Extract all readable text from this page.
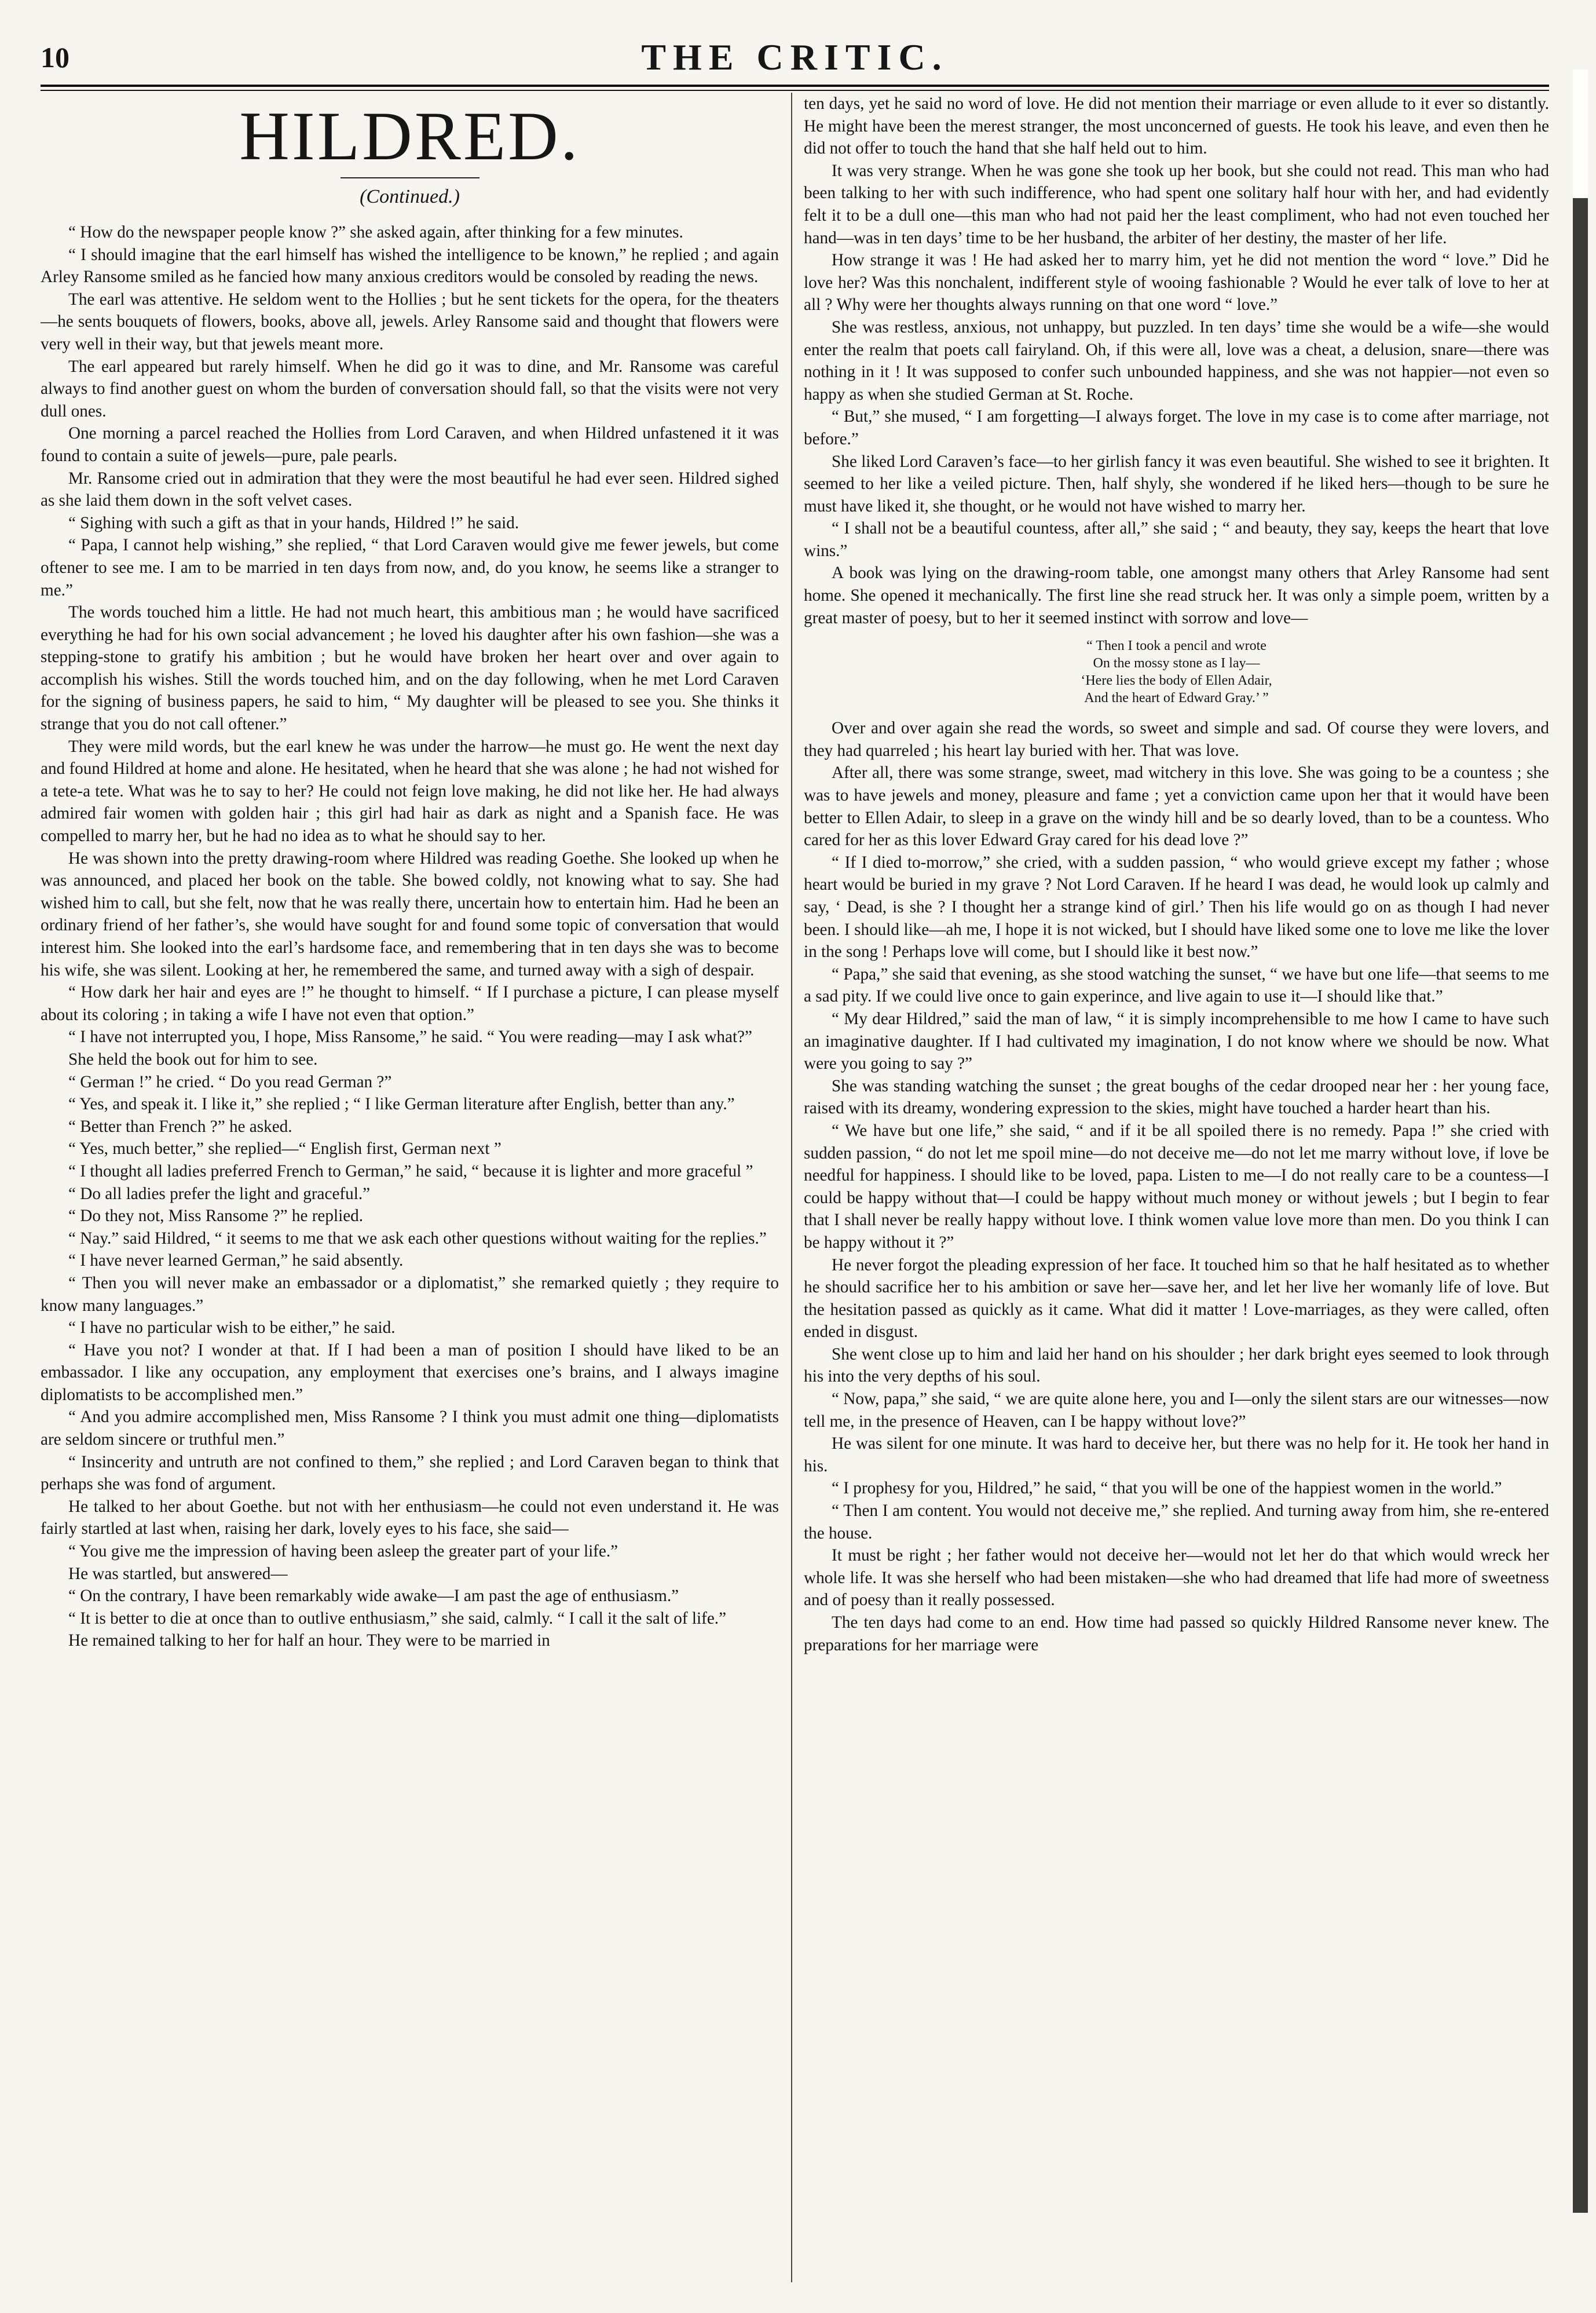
10	THE CRITIC.
HILDRED.
(Continued.)

“ How do the newspaper people know ?” she asked again, after thinking for a few minutes.

“ I should imagine that the earl himself has wished the intelligence to be known,” he replied ; and again Arley Ransome smiled as he fancied how many anxious creditors would be consoled by reading the news.

The earl was attentive. He seldom went to the Hollies ; but he sent tickets for the opera, for the theaters—he sents bouquets of flowers, books, above all, jewels. Arley Ransome said and thought that flowers were very well in their way, but that jewels meant more.

The earl appeared but rarely himself. When he did go it was to dine, and Mr. Ransome was careful always to find another guest on whom the burden of conversation should fall, so that the visits were not very dull ones.

One morning a parcel reached the Hollies from Lord Caraven, and when Hildred unfastened it it was found to contain a suite of jewels—pure, pale pearls.

Mr. Ransome cried out in admiration that they were the most beautiful he had ever seen. Hildred sighed as she laid them down in the soft velvet cases.

“ Sighing with such a gift as that in your hands, Hildred !” he said.

“ Papa, I cannot help wishing,” she replied, “ that Lord Caraven would give me fewer jewels, but come oftener to see me. I am to be married in ten days from now, and, do you know, he seems like a stranger to me.”

The words touched him a little. He had not much heart, this ambitious man ; he would have sacrificed everything he had for his own social advancement ; he loved his daughter after his own fashion—she was a stepping-stone to gratify his ambition ; but he would have broken her heart over and over again to accomplish his wishes. Still the words touched him, and on the day following, when he met Lord Caraven for the signing of business papers, he said to him, “ My daughter will be pleased to see you. She thinks it strange that you do not call oftener.”

They were mild words, but the earl knew he was under the harrow—he must go. He went the next day and found Hildred at home and alone. He hesitated, when he heard that she was alone ; he had not wished for a tete-a tete. What was he to say to her? He could not feign love making, he did not like her. He had always admired fair women with golden hair ; this girl had hair as dark as night and a Spanish face. He was compelled to marry her, but he had no idea as to what he should say to her.

He was shown into the pretty drawing-room where Hildred was reading Goethe. She looked up when he was announced, and placed her book on the table. She bowed coldly, not knowing what to say. She had wished him to call, but she felt, now that he was really there, uncertain how to entertain him. Had he been an ordinary friend of her father’s, she would have sought for and found some topic of conversation that would interest him. She looked into the earl’s hardsome face, and remembering that in ten days she was to become his wife, she was silent. Looking at her, he remembered the same, and turned away with a sigh of despair.

“ How dark her hair and eyes are !” he thought to himself. “ If I purchase a picture, I can please myself about its coloring ; in taking a wife I have not even that option.”

“ I have not interrupted you, I hope, Miss Ransome,” he said. “ You were reading—may I ask what?”

She held the book out for him to see.

“ German !” he cried. “ Do you read German ?”

“ Yes, and speak it. I like it,” she replied ; “ I like German literature after English, better than any.”

“ Better than French ?” he asked.

“ Yes, much better,” she replied—“ English first, German next ”

“ I thought all ladies preferred French to German,” he said, “ because it is lighter and more graceful ”

“ Do all ladies prefer the light and graceful.”

“ Do they not, Miss Ransome ?” he replied.

“ Nay.” said Hildred, “ it seems to me that we ask each other questions without waiting for the replies.”

“ I have never learned German,” he said absently.

“ Then you will never make an embassador or a diplomatist,” she remarked quietly ; they require to know many languages.”

“ I have no particular wish to be either,” he said.

“ Have you not? I wonder at that. If I had been a man of position I should have liked to be an embassador. I like any occupation, any employment that exercises one’s brains, and I always imagine diplomatists to be accomplished men.”

“ And you admire accomplished men, Miss Ransome ? I think you must admit one thing—diplomatists are seldom sincere or truthful men.”

“ Insincerity and untruth are not confined to them,” she replied ; and Lord Caraven began to think that perhaps she was fond of argument.

He talked to her about Goethe. but not with her enthusiasm—he could not even understand it. He was fairly startled at last when, raising her dark, lovely eyes to his face, she said—

“ You give me the impression of having been asleep the greater part of your life.”

He was startled, but answered—

“ On the contrary, I have been remarkably wide awake—I am past the age of enthusiasm.”

“ It is better to die at once than to outlive enthusiasm,” she said, calmly. “ I call it the salt of life.”

He remained talking to her for half an hour. They were to be married in

ten days, yet he said no word of love. He did not mention their marriage or even allude to it ever so distantly. He might have been the merest stranger, the most unconcerned of guests. He took his leave, and even then he did not offer to touch the hand that she half held out to him.

It was very strange. When he was gone she took up her book, but she could not read. This man who had been talking to her with such indifference, who had spent one solitary half hour with her, and had evidently felt it to be a dull one—this man who had not paid her the least compliment, who had not even touched her hand—was in ten days’ time to be her husband, the arbiter of her destiny, the master of her life.

How strange it was ! He had asked her to marry him, yet he did not mention the word “ love.” Did he love her? Was this nonchalent, indifferent style of wooing fashionable ? Would he ever talk of love to her at all ? Why were her thoughts always running on that one word “ love.”

She was restless, anxious, not unhappy, but puzzled. In ten days’ time she would be a wife—she would enter the realm that poets call fairyland. Oh, if this were all, love was a cheat, a delusion, snare—there was nothing in it ! It was supposed to confer such unbounded happiness, and she was not happier—not even so happy as when she studied German at St. Roche.

“ But,” she mused, “ I am forgetting—I always forget. The love in my case is to come after marriage, not before.”

She liked Lord Caraven’s face—to her girlish fancy it was even beautiful. She wished to see it brighten. It seemed to her like a veiled picture. Then, half shyly, she wondered if he liked hers—though to be sure he must have liked it, she thought, or he would not have wished to marry her.

“ I shall not be a beautiful countess, after all,” she said ; “ and beauty, they say, keeps the heart that love wins.”

A book was lying on the drawing-room table, one amongst many others that Arley Ransome had sent home. She opened it mechanically. The first line she read struck her. It was only a simple poem, written by a great master of poesy, but to her it seemed instinct with sorrow and love—

“ Then I took a pencil and wrote
On the mossy stone as I lay—
‘Here lies the body of Ellen Adair,
And the heart of Edward Gray.’ ”

Over and over again she read the words, so sweet and simple and sad. Of course they were lovers, and they had quarreled ; his heart lay buried with her. That was love.

After all, there was some strange, sweet, mad witchery in this love. She was going to be a countess ; she was to have jewels and money, pleasure and fame ; yet a conviction came upon her that it would have been better to Ellen Adair, to sleep in a grave on the windy hill and be so dearly loved, than to be a countess. Who cared for her as this lover Edward Gray cared for his dead love ?”

“ If I died to-morrow,” she cried, with a sudden passion, “ who would grieve except my father ; whose heart would be buried in my grave ? Not Lord Caraven. If he heard I was dead, he would look up calmly and say, ‘ Dead, is she ? I thought her a strange kind of girl.’ Then his life would go on as though I had never been. I should like—ah me, I hope it is not wicked, but I should have liked some one to love me like the lover in the song ! Perhaps love will come, but I should like it best now.”

“ Papa,” she said that evening, as she stood watching the sunset, “ we have but one life—that seems to me a sad pity. If we could live once to gain experince, and live again to use it—I should like that.”

“ My dear Hildred,” said the man of law, “ it is simply incomprehensible to me how I came to have such an imaginative daughter. If I had cultivated my imagination, I do not know where we should be now. What were you going to say ?”

She was standing watching the sunset ; the great boughs of the cedar drooped near her : her young face, raised with its dreamy, wondering expression to the skies, might have touched a harder heart than his.

“ We have but one life,” she said, “ and if it be all spoiled there is no remedy. Papa !” she cried with sudden passion, “ do not let me spoil mine—do not deceive me—do not let me marry without love, if love be needful for happiness. I should like to be loved, papa. Listen to me—I do not really care to be a countess—I could be happy without that—I could be happy without much money or without jewels ; but I begin to fear that I shall never be really happy without love. I think women value love more than men. Do you think I can be happy without it ?”

He never forgot the pleading expression of her face. It touched him so that he half hesitated as to whether he should sacrifice her to his ambition or save her—save her, and let her live her womanly life of love. But the hesitation passed as quickly as it came. What did it matter ! Love-marriages, as they were called, often ended in disgust.

She went close up to him and laid her hand on his shoulder ; her dark bright eyes seemed to look through his into the very depths of his soul.

“ Now, papa,” she said, “ we are quite alone here, you and I—only the silent stars are our witnesses—now tell me, in the presence of Heaven, can I be happy without love?”

He was silent for one minute. It was hard to deceive her, but there was no help for it. He took her hand in his.

“ I prophesy for you, Hildred,” he said, “ that you will be one of the happiest women in the world.”

“ Then I am content. You would not deceive me,” she replied. And turning away from him, she re-entered the house.

It must be right ; her father would not deceive her—would not let her do that which would wreck her whole life. It was she herself who had been mistaken—she who had dreamed that life had more of sweetness and of poesy than it really possessed.

The ten days had come to an end. How time had passed so quickly Hildred Ransome never knew. The preparations for her marriage were
